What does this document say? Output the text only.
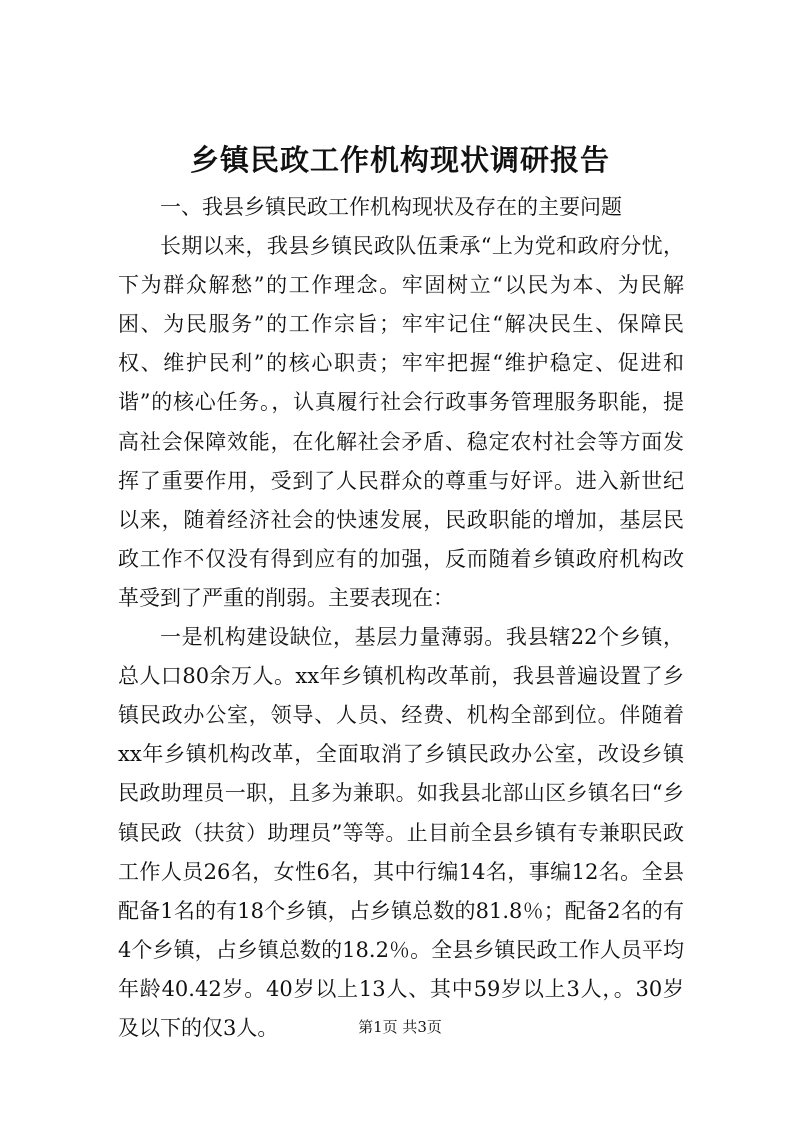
乡镇民政工作机构现状调研报告

一、我县乡镇民政工作机构现状及存在的主要问题

长期以来，我县乡镇民政队伍秉承“上为党和政府分忧，下为群众解愁”的工作理念。牢固树立“以民为本、为民解困、为民服务”的工作宗旨；牢牢记住“解决民生、保障民权、维护民利”的核心职责；牢牢把握“维护稳定、促进和谐”的核心任务。，认真履行社会行政事务管理服务职能，提高社会保障效能，在化解社会矛盾、稳定农村社会等方面发挥了重要作用，受到了人民群众的尊重与好评。进入新世纪以来，随着经济社会的快速发展，民政职能的增加，基层民政工作不仅没有得到应有的加强，反而随着乡镇政府机构改革受到了严重的削弱。主要表现在：

一是机构建设缺位，基层力量薄弱。我县辖22个乡镇，总人口80余万人。xx年乡镇机构改革前，我县普遍设置了乡镇民政办公室，领导、人员、经费、机构全部到位。伴随着xx年乡镇机构改革，全面取消了乡镇民政办公室，改设乡镇民政助理员一职，且多为兼职。如我县北部山区乡镇名曰“乡镇民政（扶贫）助理员”等等。止目前全县乡镇有专兼职民政工作人员26名，女性6名，其中行编14名，事编12名。全县配备1名的有18个乡镇，占乡镇总数的81.8％；配备2名的有4个乡镇，占乡镇总数的18.2％。全县乡镇民政工作人员平均年龄40.42岁。40岁以上13人、其中59岁以上3人，。30岁及以下的仅3人。	第1页 共3页
